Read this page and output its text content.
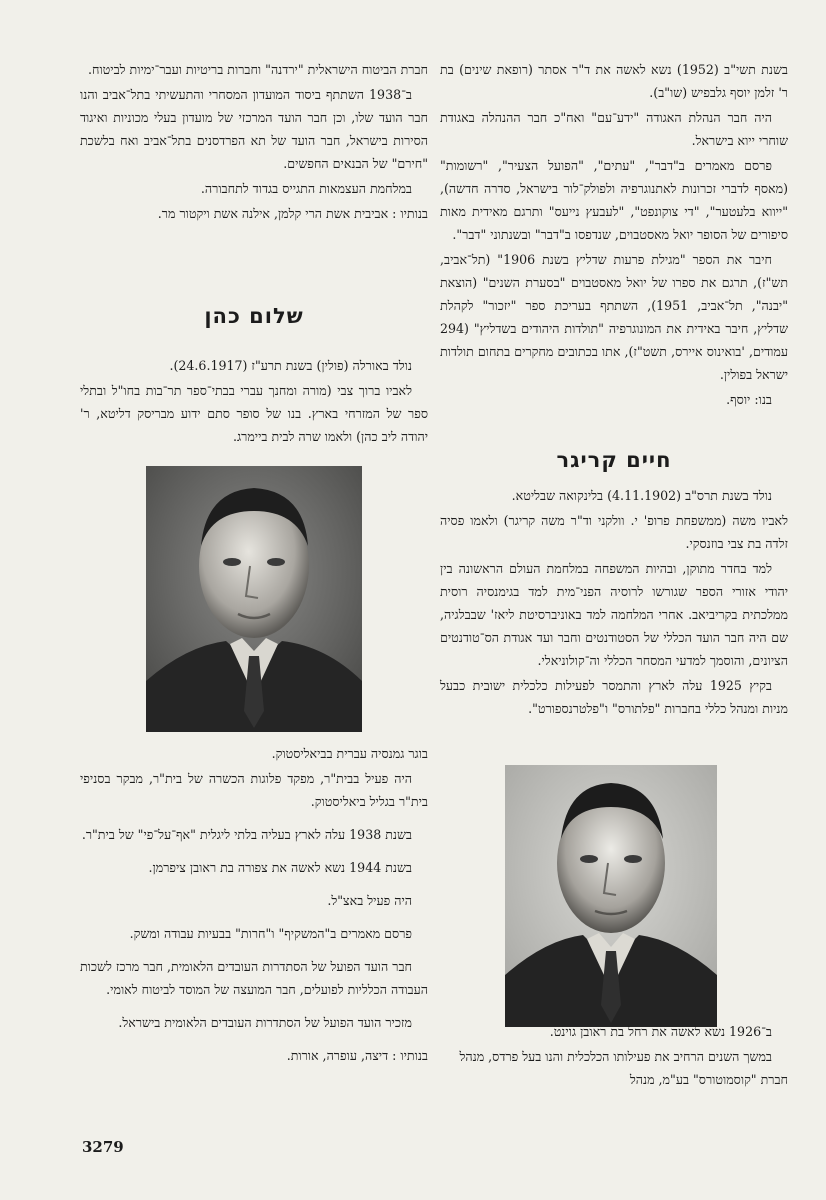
בשנת תשי"ב (1952) נשא לאשה את ד"ר אסתר (רופאת שינים) בת ר' זלמן יוסף גלבפיש (שו"ב).

היה חבר הנהלת האגודה "ידע־עם" ואח"כ חבר ההנהלה באגודת שוחרי ייוא בישראל.

פרסם מאמרים ב"דבר", "עתים", "הפועל הצעיר", "רשומות" (מאסף לדברי זכרונות לאתנוגרפיה ולפולק־לור בישראל, סדרה חדשה), "ייווא בלעטער", "די צוקונפט", "לעבעץ נייעס" ותרגם מאידית מאות סיפורים של הסופר יואל מאסטבוים, שנדפסו ב"דבר" ובשנתוני "דבר".

חיבר את הספר "מגילת פרעות שדליץ בשנת 1906" (תל־אביב, תש"ז), תרגם את ספרו של יואל מאסטבוים "בסערת השנים" (הוצאת "יבנה", תל־אביב, 1951), השתתף בעריכת ספר "יזכור" לקהלת שדליץ, חיבר באידית את המונוגרפיה "תולדות היהודים בשדליץ" (294 עמודים, 'בואינוס איירס, תשט"ז), אתו בכתובים מחקרים בתחום תולדות ישראל בפולין.

בנו: יוסף.

חברת הביטוח הישראלית "ירדנה" וחברות בריטיות ועבר־ימיות לביטוח.

ב־1938 השתתף ביסוד המועדון המסחרי והתעשיתי בתל־אביב והנו חבר הועד שלו, וכן חבר הועד המרכזי של מועדון בעלי מכוניות ואיגוד הסירות בישראל, חבר הועד של תא הפרדסנים בתל־אביב ואח בלשכת "חירם" של הבנאים החפשים.

במלחמת העצמאות התגייס בגדוד לתחבורה.

בנותיו : אביבית אשת הרי קלמן, אילנה אשת ויקטור מר.

שלום כהן

נולד באורלה (פולין) בשנת תרע"ז (24.6.1917).

לאביו ברוך צבי (מורה ומחנך עברי בבתי־ספר תר־בות בחו"ל ובתלי ספר של המזרחי בארץ. בנו של סופר סתם ידוע מבריסק דליטא, ר' יהודה ליב כהן) ולאמו שרה לבית ביימרג.

בוגר גמנסיה עברית בביאליסטוק.

היה פעיל בבית"ר, מפקד פלוגות הכשרה של בית"ר, מבקר בסניפי בית"ר בגליל ביאליסטוק.

בשנת 1938 עלה לארץ בעליה בלתי ליגלית "אף־על־פי" של בית"ר.

בשנת 1944 נשא לאשה את צפורה בת ראובן ציפרמן.

היה פעיל באצ"ל.

פרסם מאמרים ב"המשקיף" ו"חרות" בבעיות עבודה ומשק.

חבר הועד הפועל של הסתדרות העובדים הלאומית, חבר מרכז לשכות העבודה הכלליות לפועלים, חבר המועצה של המוסד לביטוח לאומי.

מזכיר הועד הפועל של הסתדרות העובדים הלאומית בישראל.

בנותיו : דיצה, עופרה, אורות.

חיים קריגר

נולד בשנת תרס"ב (4.11.1902) בלינקואה שבליטא.

לאביו משה (ממשפחת פרופ' י. וולקני וד"ר משה קריגר) ולאמו פסיה זלדה בת צבי בוזנסקי.

למד בחדר מתוקן, ובהיות המשפחה במלחמת העולם הראשונה בין יהודי אזורי הספר שגורשו לרוסיה הפני־מית למד בגימנסיה רוסית ממלכתית בקריביאב. אחרי המלחמה למד באוניברסיטת ליאז' שבבלגיה, שם היה חבר הועד הכללי של הסטודנטים וחבר ועד אגודת הס־טודנטים הציונים, והוסמך למדעי המסחר הכללי וה־קולוניאלי.

בקיץ 1925 עלה לארץ והתמסר לפעילות כלכלית ישובית כבעל מניות ומנהל כללי בחברות "פלתורס" ו"פלטרנספורט".

ב־1926 נשא לאשה את רחל בת ראובן גוינט.

במשך השנים הרחיב את פעילותו הכלכלית והנו בעל פרדס, מנהל חברת "קוסמוטורס" בע"מ, מנהל

3279
